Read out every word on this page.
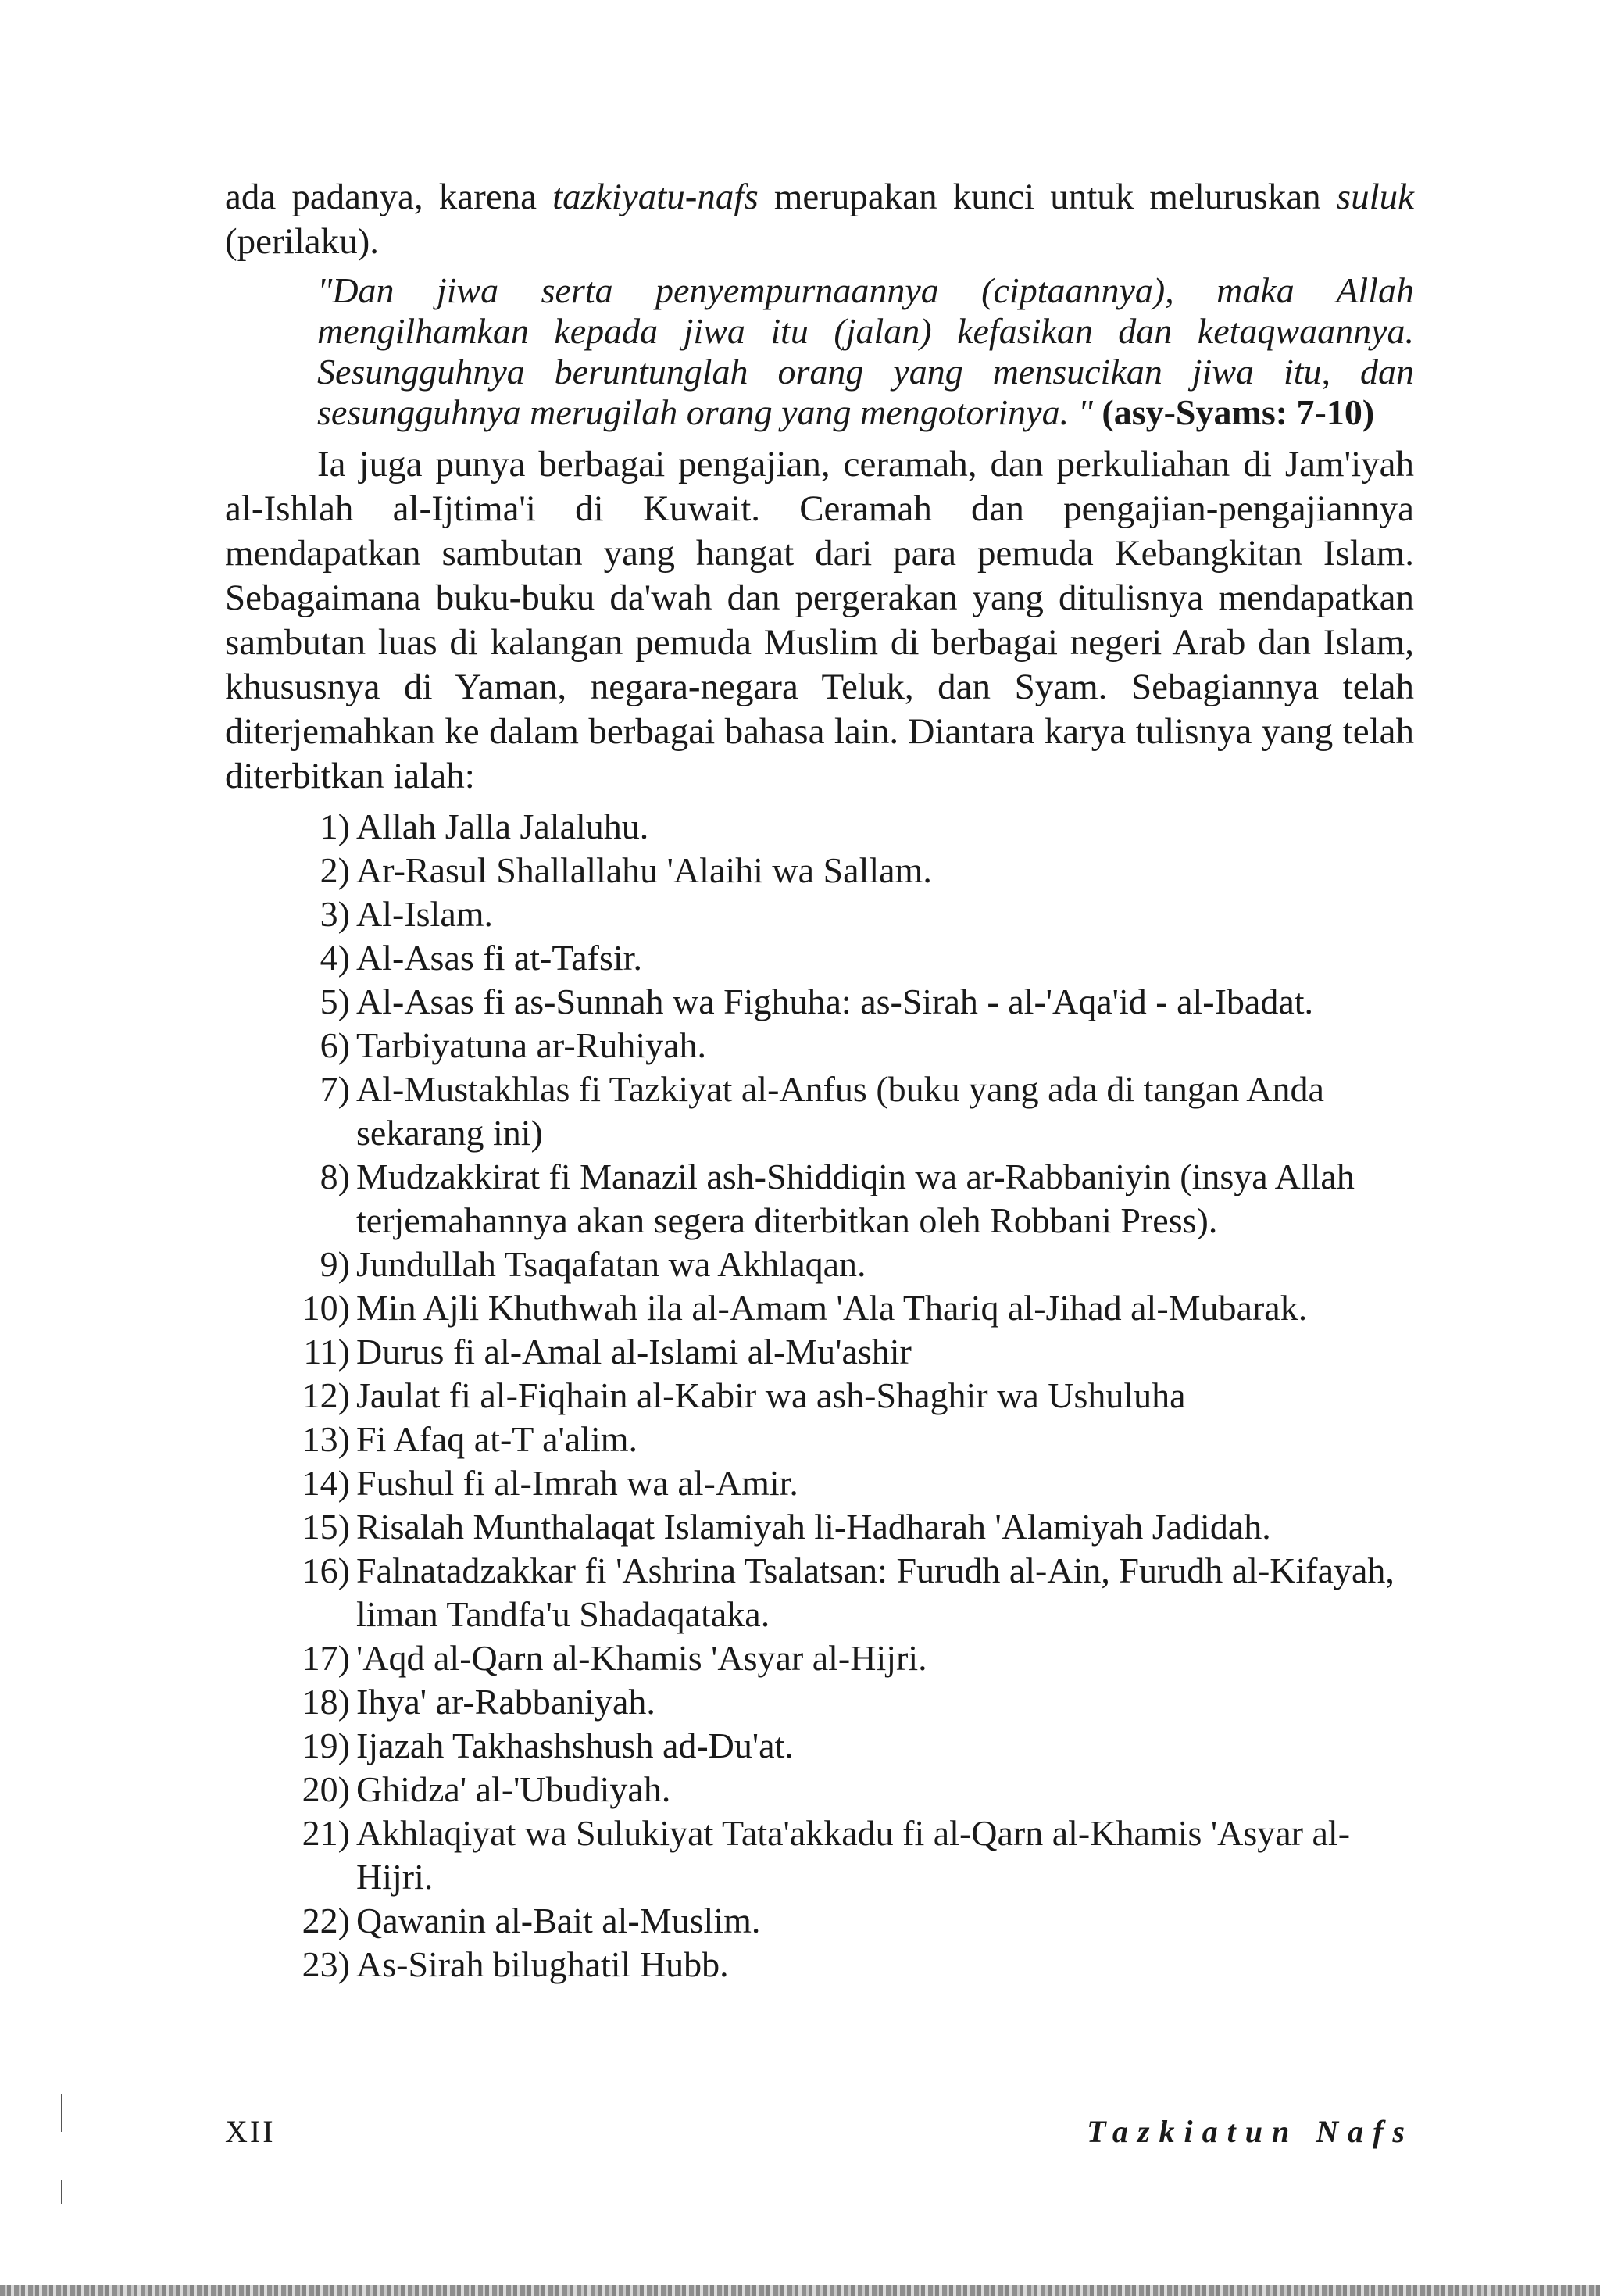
ada padanya, karena tazkiyatu-nafs merupakan kunci untuk meluruskan suluk (perilaku).

"Dan jiwa serta penyempurnaannya (ciptaannya), maka Allah mengilhamkan kepada jiwa itu (jalan) kefasikan dan ketaqwaannya. Sesungguhnya beruntunglah orang yang mensucikan jiwa itu, dan sesungguhnya merugilah orang yang mengotorinya. " (asy-Syams: 7-10)

Ia juga punya berbagai pengajian, ceramah, dan perkuliahan di Jam'iyah al-Ishlah al-Ijtima'i di Kuwait. Ceramah dan pengajian-pengajiannya mendapatkan sambutan yang hangat dari para pemuda Kebangkitan Islam. Sebagaimana buku-buku da'wah dan pergerakan yang ditulisnya mendapatkan sambutan luas di kalangan pemuda Muslim di berbagai negeri Arab dan Islam, khususnya di Yaman, negara-negara Teluk, dan Syam. Sebagiannya telah diterjemahkan ke dalam berbagai bahasa lain. Diantara karya tulisnya yang telah diterbitkan ialah:

1) Allah Jalla Jalaluhu.
2) Ar-Rasul Shallallahu 'Alaihi wa Sallam.
3) Al-Islam.
4) Al-Asas fi at-Tafsir.
5) Al-Asas fi as-Sunnah wa Fighuha: as-Sirah - al-'Aqa'id - al-Ibadat.
6) Tarbiyatuna ar-Ruhiyah.
7) Al-Mustakhlas fi Tazkiyat al-Anfus (buku yang ada di tangan Anda sekarang ini)
8) Mudzakkirat fi Manazil ash-Shiddiqin wa ar-Rabbaniyin (insya Allah terjemahannya akan segera diterbitkan oleh Robbani Press).
9) Jundullah Tsaqafatan wa Akhlaqan.
10) Min Ajli Khuthwah ila al-Amam 'Ala Thariq al-Jihad al-Mubarak.
11) Durus fi al-Amal al-Islami al-Mu'ashir
12) Jaulat fi al-Fiqhain al-Kabir wa ash-Shaghir wa Ushuluha
13) Fi Afaq at-T a'alim.
14) Fushul fi al-Imrah wa al-Amir.
15) Risalah Munthalaqat Islamiyah li-Hadharah 'Alamiyah Jadidah.
16) Falnatadzakkar fi 'Ashrina Tsalatsan: Furudh al-Ain, Furudh al-Kifayah, liman Tandfa'u Shadaqataka.
17) 'Aqd al-Qarn al-Khamis 'Asyar al-Hijri.
18) Ihya' ar-Rabbaniyah.
19) Ijazah Takhashshush ad-Du'at.
20) Ghidza' al-'Ubudiyah.
21) Akhlaqiyat wa Sulukiyat Tata'akkadu fi al-Qarn al-Khamis 'Asyar al-Hijri.
22) Qawanin al-Bait al-Muslim.
23) As-Sirah bilughatil Hubb.
XII	Tazkiatun Nafs
